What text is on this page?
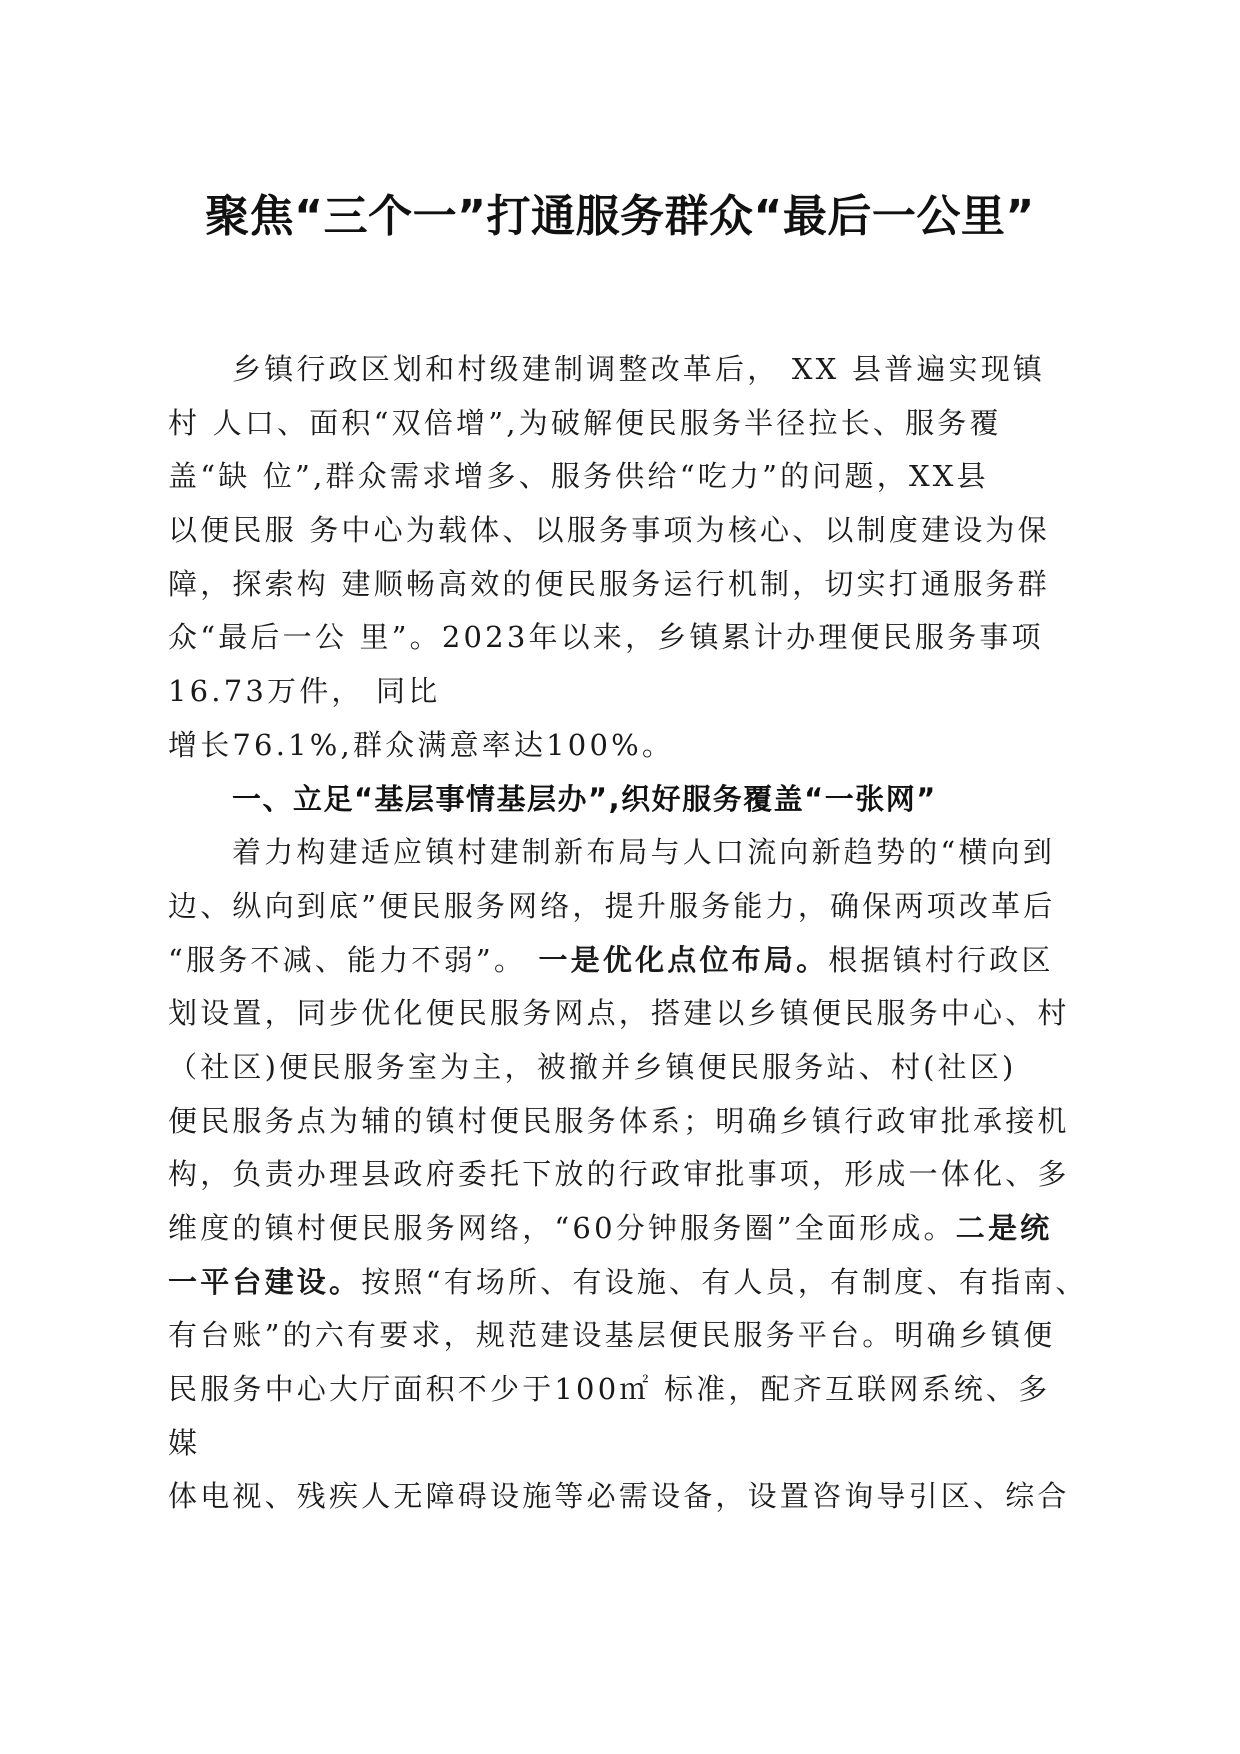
聚焦“三个一”打通服务群众“最后一公里”
乡镇行政区划和村级建制调整改革后， XX 县普遍实现镇
村 人口、面积“双倍增”,为破解便民服务半径拉长、服务覆
盖“缺 位”,群众需求增多、服务供给“吃力”的问题，XX县
以便民服 务中心为载体、以服务事项为核心、以制度建设为保
障，探索构 建顺畅高效的便民服务运行机制，切实打通服务群
众“最后一公 里”。2023年以来，乡镇累计办理便民服务事项
16.73万件， 同比
增长76.1%,群众满意率达100%。
一、立足“基层事情基层办”,织好服务覆盖“一张网”
着力构建适应镇村建制新布局与人口流向新趋势的“横向到
边、纵向到底”便民服务网络，提升服务能力，确保两项改革后
“服务不减、能力不弱”。 一是优化点位布局。根据镇村行政区
划设置，同步优化便民服务网点，搭建以乡镇便民服务中心、村
（社区)便民服务室为主，被撤并乡镇便民服务站、村(社区)
便民服务点为辅的镇村便民服务体系；明确乡镇行政审批承接机
构，负责办理县政府委托下放的行政审批事项，形成一体化、多
维度的镇村便民服务网络，“60分钟服务圈”全面形成。二是统
一平台建设。按照“有场所、有设施、有人员，有制度、有指南、
有台账”的六有要求，规范建设基层便民服务平台。明确乡镇便
民服务中心大厅面积不少于100㎡ 标准，配齐互联网系统、多
媒
体电视、残疾人无障碍设施等必需设备，设置咨询导引区、综合
